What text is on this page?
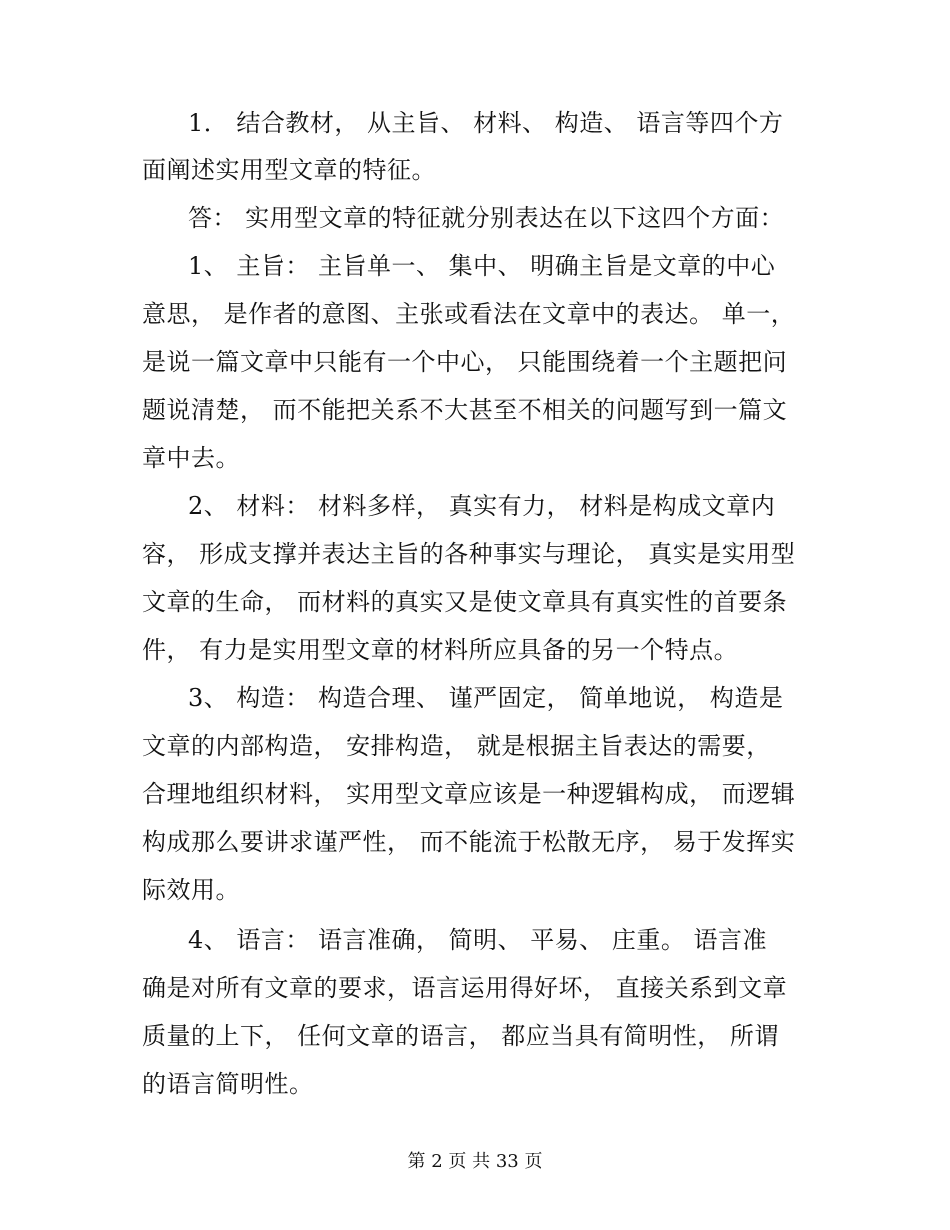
1． 结合教材， 从主旨、 材料、 构造、 语言等四个方
面阐述实用型文章的特征。
答： 实用型文章的特征就分别表达在以下这四个方面：
1、 主旨： 主旨单一、 集中、 明确主旨是文章的中心
意思， 是作者的意图、主张或看法在文章中的表达。 单一，
是说一篇文章中只能有一个中心， 只能围绕着一个主题把问
题说清楚， 而不能把关系不大甚至不相关的问题写到一篇文
章中去。
2、 材料： 材料多样， 真实有力， 材料是构成文章内
容， 形成支撑并表达主旨的各种事实与理论， 真实是实用型
文章的生命， 而材料的真实又是使文章具有真实性的首要条
件， 有力是实用型文章的材料所应具备的另一个特点。
3、 构造： 构造合理、 谨严固定， 简单地说， 构造是
文章的内部构造， 安排构造， 就是根据主旨表达的需要，
合理地组织材料， 实用型文章应该是一种逻辑构成， 而逻辑
构成那么要讲求谨严性， 而不能流于松散无序， 易于发挥实
际效用。
4、 语言： 语言准确， 简明、 平易、 庄重。 语言准
确是对所有文章的要求，语言运用得好坏， 直接关系到文章
质量的上下， 任何文章的语言， 都应当具有简明性， 所谓
的语言简明性。
第 2 页 共 33 页
